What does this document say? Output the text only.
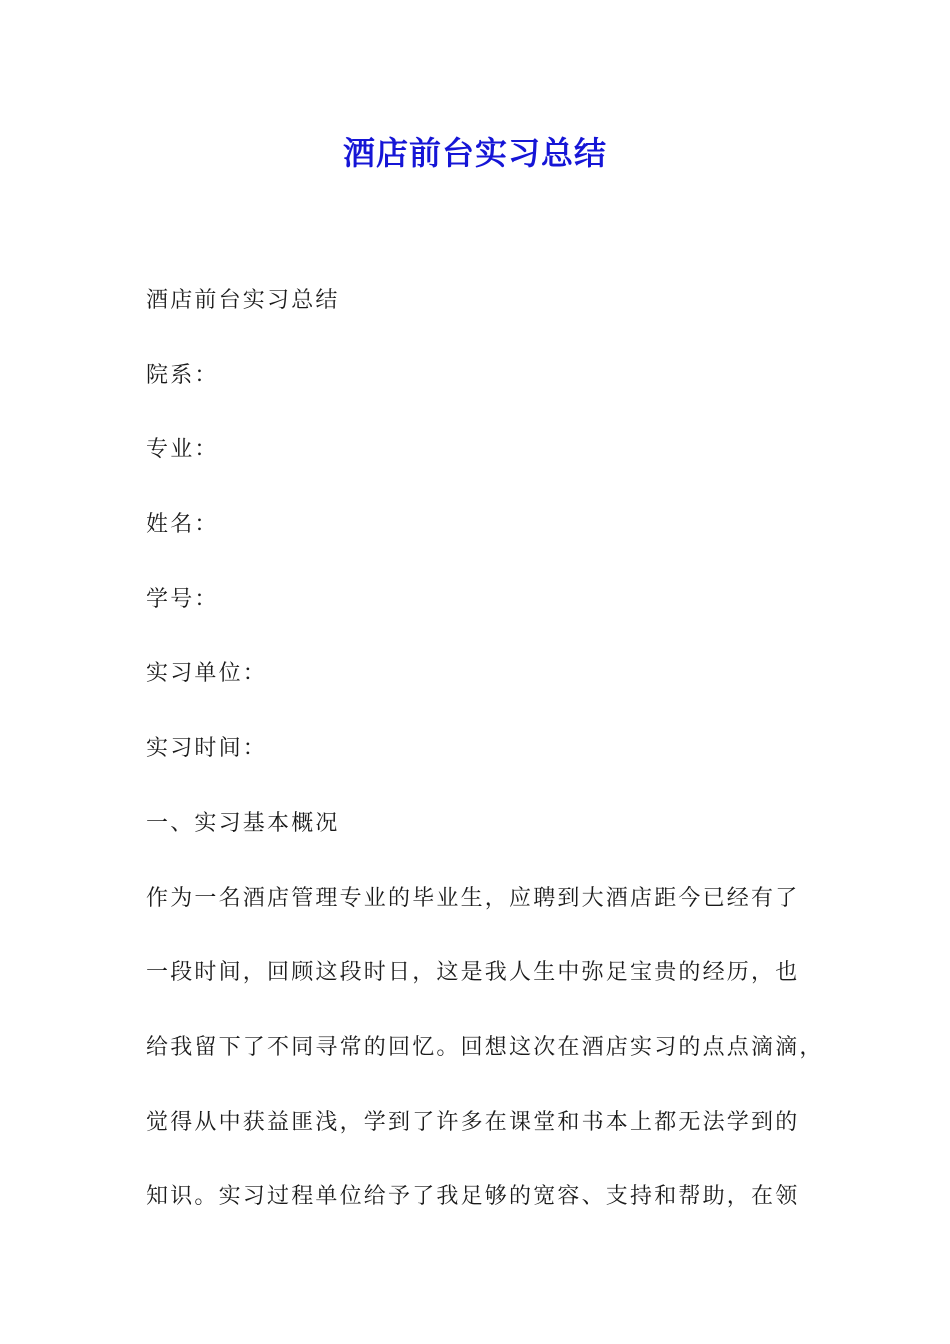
酒店前台实习总结
酒店前台实习总结
院系：
专业：
姓名：
学号：
实习单位：
实习时间：
一、实习基本概况
作为一名酒店管理专业的毕业生，应聘到大酒店距今已经有了
一段时间，回顾这段时日，这是我人生中弥足宝贵的经历，也
给我留下了不同寻常的回忆。回想这次在酒店实习的点点滴滴，
觉得从中获益匪浅，学到了许多在课堂和书本上都无法学到的
知识。实习过程单位给予了我足够的宽容、支持和帮助，在领
